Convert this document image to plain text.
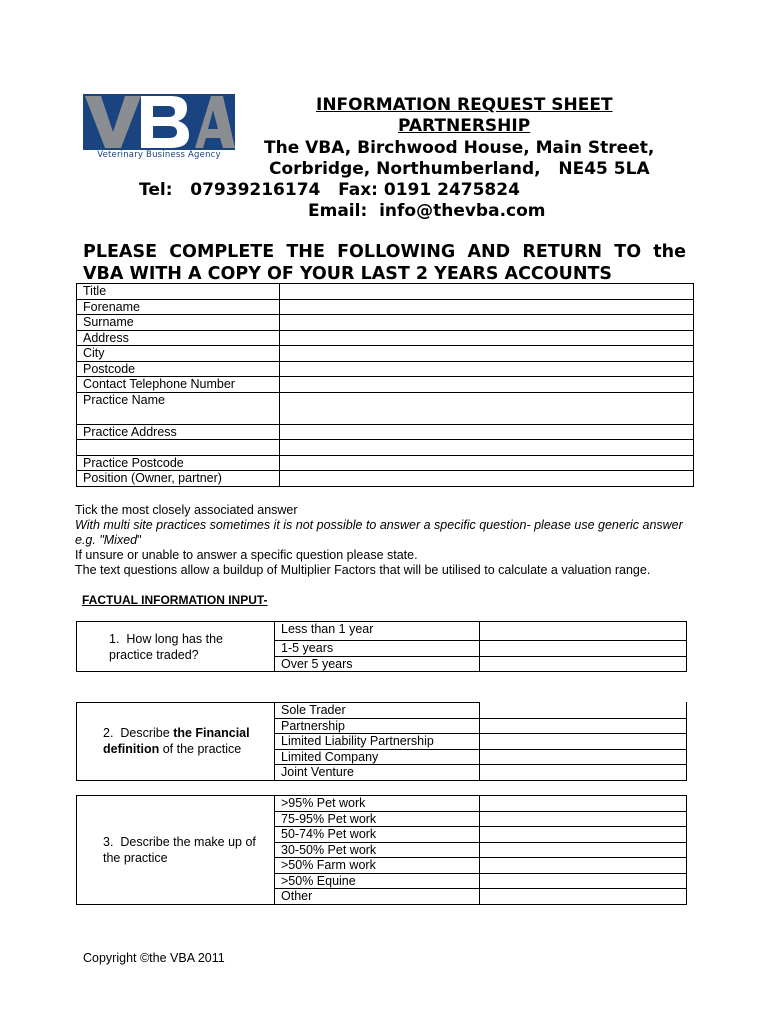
Veterinary Business Agency
INFORMATION REQUEST SHEET
PARTNERSHIP
The VBA, Birchwood House, Main Street,
Corbridge, Northumberland,   NE45 5LA
Tel:   07939216174   Fax: 0191 2475824
Email:  info@thevba.com
PLEASE  COMPLETE  THE  FOLLOWING  AND  RETURN  TO  the
VBA WITH A COPY OF YOUR LAST 2 YEARS ACCOUNTS
Title	
Forename	
Surname	
Address	
City	
Postcode	
Contact Telephone Number	
Practice Name	
Practice Address	

Practice Postcode	
Position (Owner, partner)	
Tick the most closely associated answer
With multi site practices sometimes it is not possible to answer a specific question- please use generic answer
e.g. "Mixed"
If unsure or unable to answer a specific question please state.
The text questions allow a buildup of Multiplier Factors that will be utilised to calculate a valuation range.
FACTUAL INFORMATION INPUT-
1. How long has the practice traded?	Less than 1 year	
	1-5 years	
	Over 5 years	
2. Describe the Financial definition of the practice	Sole Trader	
	Partnership	
	Limited Liability Partnership	
	Limited Company	
	Joint Venture	
3. Describe the make up of the practice	>95% Pet work	
	75-95% Pet work	
	50-74% Pet work	
	30-50% Pet work	
	>50% Farm work	
	>50% Equine	
	Other	
Copyright ©the VBA 2011
